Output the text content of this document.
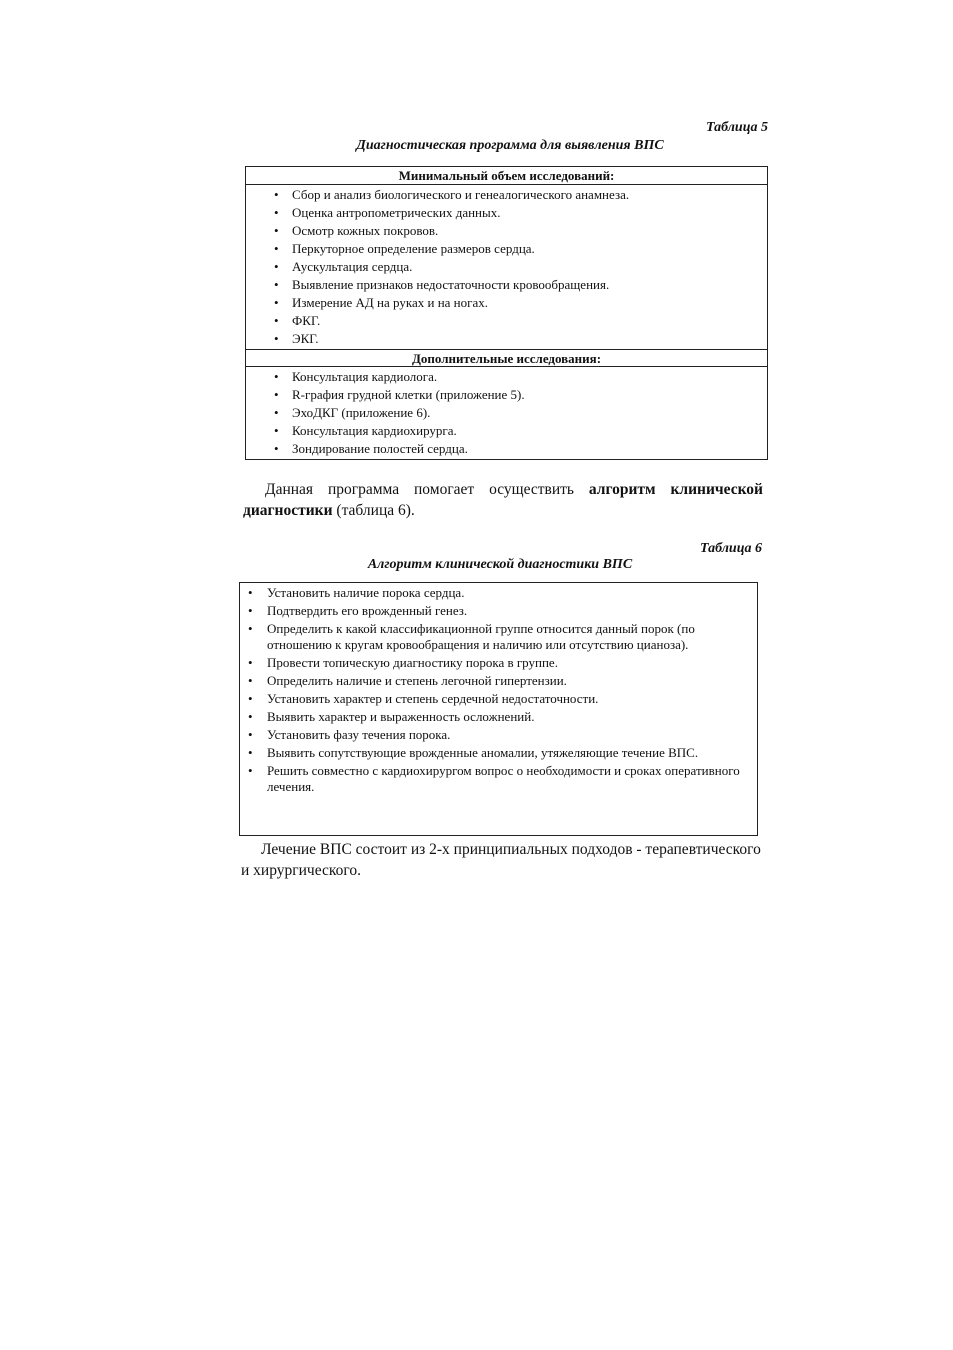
Таблица 5
Диагностическая программа для выявления ВПС
Минимальный объем исследований:
• Сбор и анализ биологического и генеалогического анамнеза.
• Оценка антропометрических данных.
• Осмотр кожных покровов.
• Перкуторное определение размеров сердца.
• Аускультация сердца.
• Выявление признаков недостаточности кровообращения.
• Измерение АД на руках и на ногах.
• ФКГ.
• ЭКГ.
Дополнительные исследования:
• Консультация кардиолога.
• R-графия грудной клетки (приложение 5).
• ЭхоДКГ (приложение 6).
• Консультация кардиохирурга.
• Зондирование полостей сердца.
Данная программа помогает осуществить алгоритм клинической диагностики (таблица 6).
Таблица 6
Алгоритм клинической диагностики ВПС
• Установить наличие порока сердца.
• Подтвердить его врожденный генез.
• Определить к какой классификационной группе относится данный порок (по отношению к кругам кровообращения и наличию или отсутствию цианоза).
• Провести топическую диагностику порока в группе.
• Определить наличие и степень легочной гипертензии.
• Установить характер и степень сердечной недостаточности.
• Выявить характер и выраженность осложнений.
• Установить фазу течения порока.
• Выявить сопутствующие врожденные аномалии, утяжеляющие течение ВПС.
• Решить совместно с кардиохирургом вопрос о необходимости и сроках оперативного лечения.
Лечение ВПС состоит из 2-х принципиальных подходов - терапевтического и хирургического.
